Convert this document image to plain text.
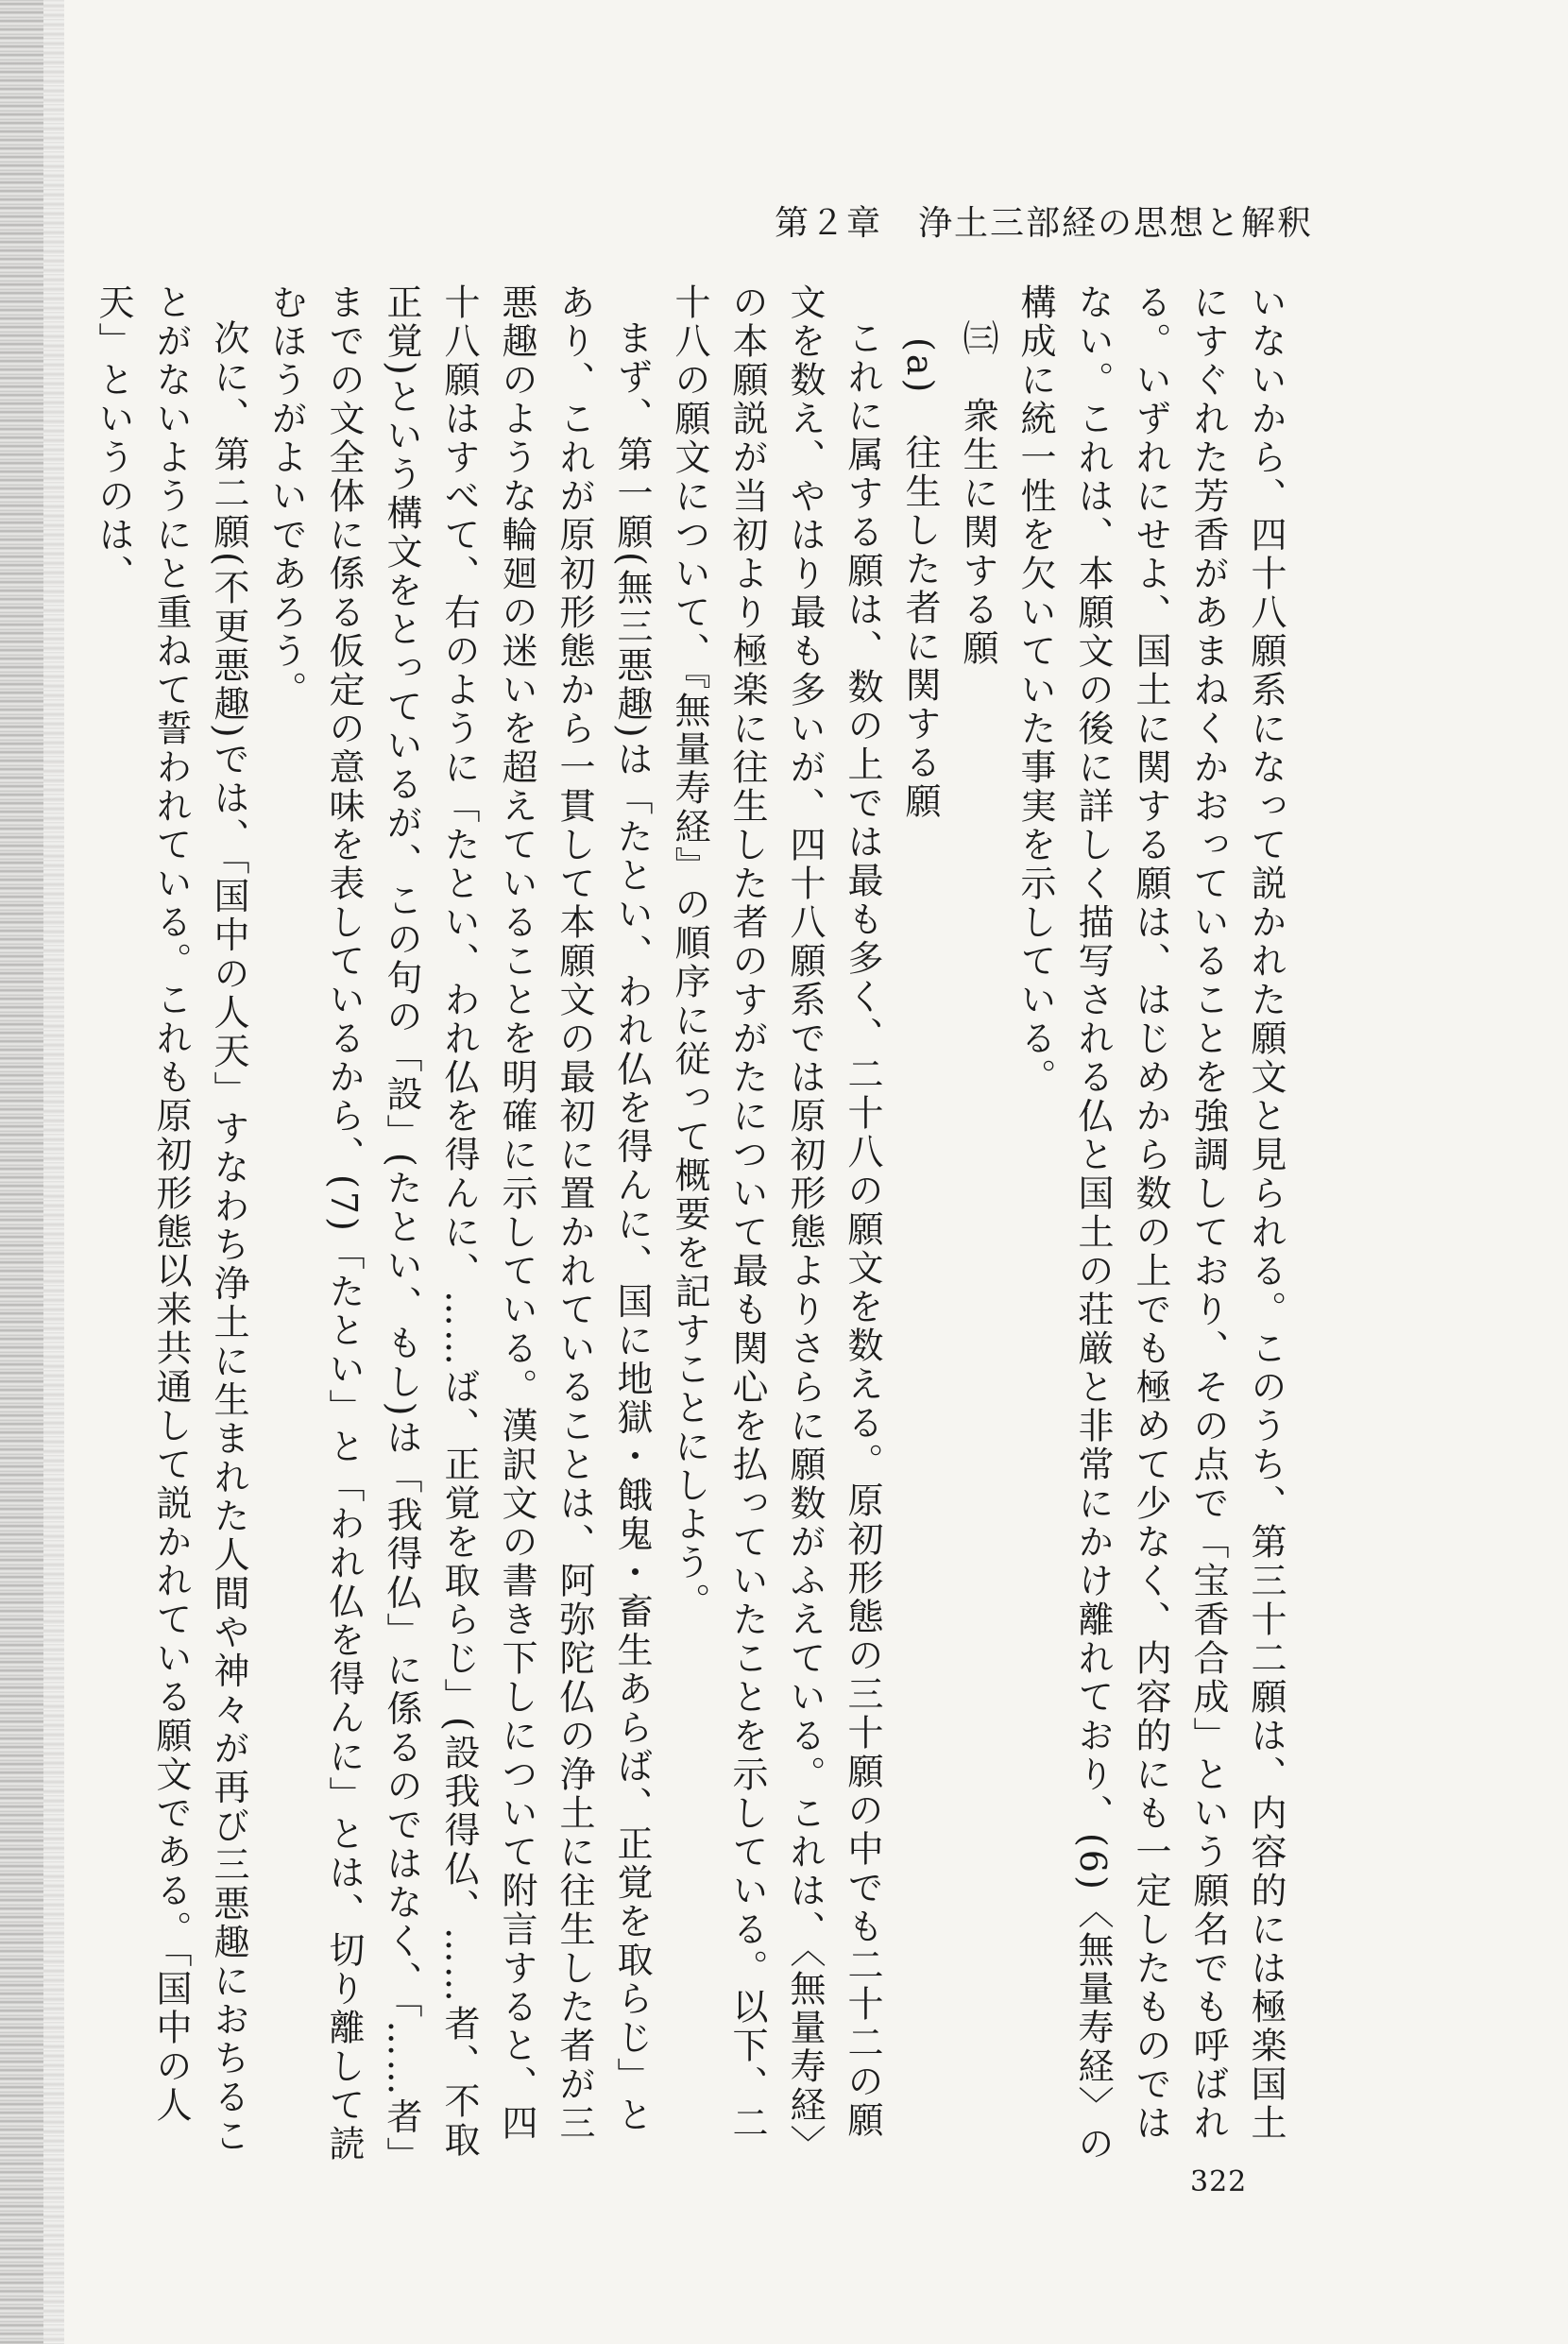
第２章　浄土三部経の思想と解釈

いないから、四十八願系になって説かれた願文と見られる。このうち、第三十二願は、内容的には極楽国土にすぐれた芳香があまねくかおっていることを強調しており、その点で「宝香合成」という願名でも呼ばれる。いずれにせよ、国土に関する願は、はじめから数の上でも極めて少なく、内容的にも一定したものではない。これは、本願文の後に詳しく描写される仏と国土の荘厳と非常にかけ離れており、(6)〈無量寿経〉の構成に統一性を欠いていた事実を示している。

㈢　衆生に関する願

(a)　往生した者に関する願

これに属する願は、数の上では最も多く、二十八の願文を数える。原初形態の三十願の中でも二十二の願文を数え、やはり最も多いが、四十八願系では原初形態よりさらに願数がふえている。これは、〈無量寿経〉の本願説が当初より極楽に往生した者のすがたについて最も関心を払っていたことを示している。以下、二十八の願文について、『無量寿経』の順序に従って概要を記すことにしよう。

まず、第一願(無三悪趣)は「たとい、われ仏を得んに、国に地獄・餓鬼・畜生あらば、正覚を取らじ」とあり、これが原初形態から一貫して本願文の最初に置かれていることは、阿弥陀仏の浄土に往生した者が三悪趣のような輪廻の迷いを超えていることを明確に示している。漢訳文の書き下しについて附言すると、四十八願はすべて、右のように「たとい、われ仏を得んに、……ば、正覚を取らじ」(設我得仏、……者、不取正覚)という構文をとっているが、この句の「設」(たとい、もし)は「我得仏」に係るのではなく、「……者」までの文全体に係る仮定の意味を表しているから、(7)「たとい」と「われ仏を得んに」とは、切り離して読むほうがよいであろう。

次に、第二願(不更悪趣)では、「国中の人天」すなわち浄土に生まれた人間や神々が再び三悪趣におちることがないようにと重ねて誓われている。これも原初形態以来共通して説かれている願文である。「国中の人天」というのは、

322
